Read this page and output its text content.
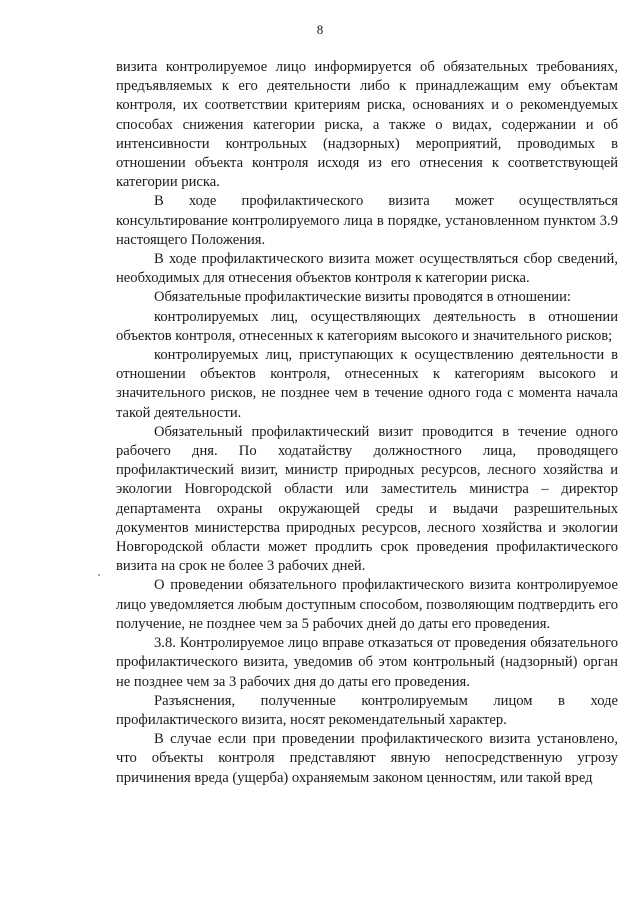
8

визита контролируемое лицо информируется об обязательных требованиях, предъявляемых к его деятельности либо к принадлежащим ему объектам контроля, их соответствии критериям риска, основаниях и о рекомендуемых способах снижения категории риска, а также о видах, содержании и об интенсивности контрольных (надзорных) мероприятий, проводимых в отношении объекта контроля исходя из его отнесения к соответствующей категории риска.

В ходе профилактического визита может осуществляться консультирование контролируемого лица в порядке, установленном пунктом 3.9 настоящего Положения.

В ходе профилактического визита может осуществляться сбор сведений, необходимых для отнесения объектов контроля к категории риска.

Обязательные профилактические визиты проводятся в отношении:

контролируемых лиц, осуществляющих деятельность в отношении объектов контроля, отнесенных к категориям высокого и значительного рисков;

контролируемых лиц, приступающих к осуществлению деятельности в отношении объектов контроля, отнесенных к категориям высокого и значительного рисков, не позднее чем в течение одного года с момента начала такой деятельности.

Обязательный профилактический визит проводится в течение одного рабочего дня. По ходатайству должностного лица, проводящего профилактический визит, министр природных ресурсов, лесного хозяйства и экологии Новгородской области или заместитель министра – директор департамента охраны окружающей среды и выдачи разрешительных документов министерства природных ресурсов, лесного хозяйства и экологии Новгородской области может продлить срок проведения профилактического визита на срок не более 3 рабочих дней.

О проведении обязательного профилактического визита контролируемое лицо уведомляется любым доступным способом, позволяющим подтвердить его получение, не позднее чем за 5 рабочих дней до даты его проведения.

3.8. Контролируемое лицо вправе отказаться от проведения обязательного профилактического визита, уведомив об этом контрольный (надзорный) орган не позднее чем за 3 рабочих дня до даты его проведения.

Разъяснения, полученные контролируемым лицом в ходе профилактического визита, носят рекомендательный характер.

В случае если при проведении профилактического визита установлено, что объекты контроля представляют явную непосредственную угрозу причинения вреда (ущерба) охраняемым законом ценностям, или такой вред
